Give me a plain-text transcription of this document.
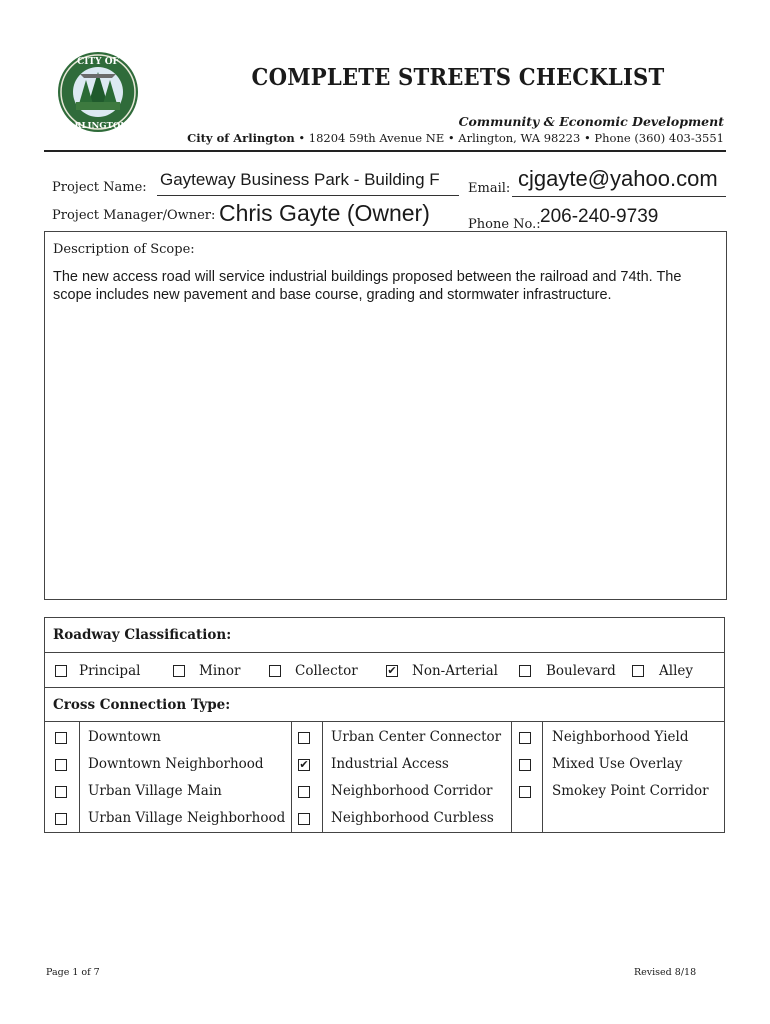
CITY OF
ARLINGTON
COMPLETE STREETS CHECKLIST
Community & Economic Development
City of Arlington • 18204 59th Avenue NE • Arlington, WA 98223 • Phone (360) 403-3551
Project Name: Gayteway Business Park - Building F Email: cjgayte@yahoo.com
Project Manager/Owner: Chris Gayte (Owner)	Phone No.: 206-240-9739
Description of Scope:
The new access road will service industrial buildings proposed between the railroad and 74th. The scope includes new pavement and base course, grading and stormwater infrastructure.
Roadway Classification:
Principal	Minor	Collector	✔ Non-Arterial	Boulevard	Alley
Cross Connection Type:
Downtown
Downtown Neighborhood
Urban Village Main
Urban Village Neighborhood
Urban Center Connector
✔ Industrial Access
Neighborhood Corridor
Neighborhood Curbless
Neighborhood Yield
Mixed Use Overlay
Smokey Point Corridor
Page 1 of 7	Revised 8/18
